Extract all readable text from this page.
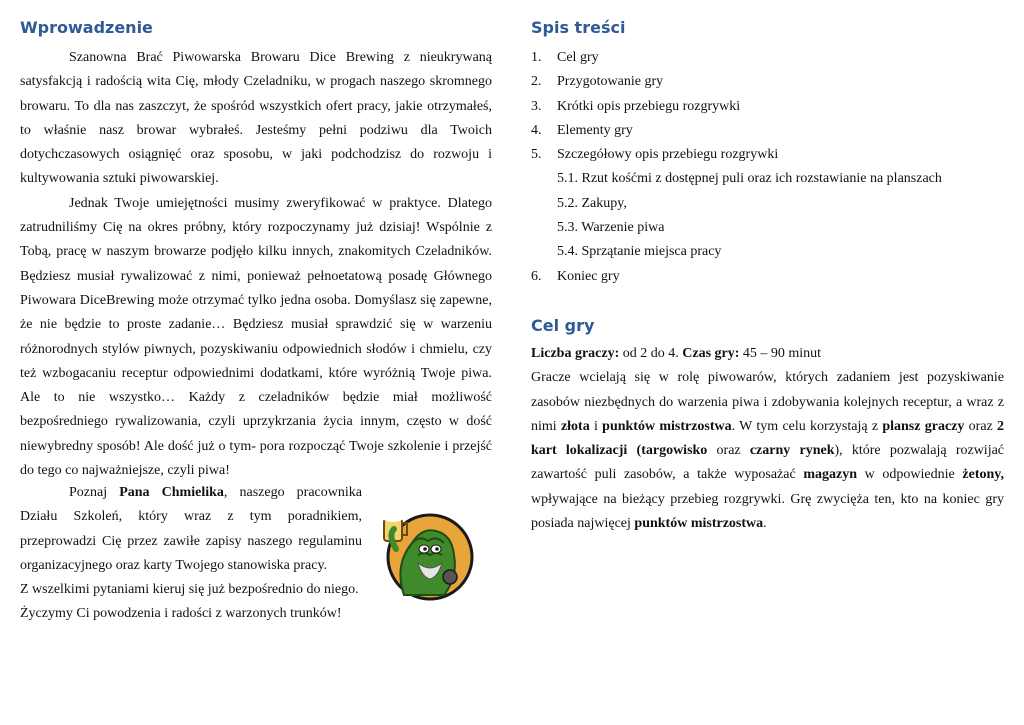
Wprowadzenie

Szanowna Brać Piwowarska Browaru Dice Brewing z nieukrywaną satysfakcją i radością wita Cię, młody Czeladniku, w progach naszego skromnego browaru. To dla nas zaszczyt, że spośród wszystkich ofert pracy, jakie otrzymałeś, to właśnie nasz browar wybrałeś. Jesteśmy pełni podziwu dla Twoich dotychczasowych osiągnięć oraz sposobu, w jaki podchodzisz do rozwoju i kultywowania sztuki piwowarskiej.

Jednak Twoje umiejętności musimy zweryfikować w praktyce. Dlatego zatrudniliśmy Cię na okres próbny, który rozpoczynamy już dzisiaj! Wspólnie z Tobą, pracę w naszym browarze podjęło kilku innych, znakomitych Czeladników. Będziesz musiał rywalizować z nimi, ponieważ pełnoetatową posadę Głównego Piwowara DiceBrewing może otrzymać tylko jedna osoba. Domyślasz się zapewne, że nie będzie to proste zadanie… Będziesz musiał sprawdzić się w warzeniu różnorodnych stylów piwnych, pozyskiwaniu odpowiednich słodów i chmielu, czy też wzbogacaniu receptur odpowiednimi dodatkami, które wyróżnią Twoje piwa. Ale to nie wszystko… Każdy z czeladników będzie miał możliwość bezpośredniego rywalizowania, czyli uprzykrzania życia innym, często w dość niewybredny sposób! Ale dość już o tym- pora rozpocząć Twoje szkolenie i przejść do tego co najważniejsze, czyli piwa!

Poznaj Pana Chmielika, naszego pracownika Działu Szkoleń, który wraz z tym poradnikiem, przeprowadzi Cię przez zawiłe zapisy naszego regulaminu organizacyjnego oraz karty Twojego stanowiska pracy.

Z wszelkimi pytaniami kieruj się już bezpośrednio do niego.

Życzymy Ci powodzenia i radości z warzonych trunków!

Spis treści
1.	Cel gry
2.	Przygotowanie gry
3.	Krótki opis przebiegu rozgrywki
4.	Elementy gry
5.	Szczegółowy opis przebiegu rozgrywki
5.1. Rzut kośćmi z dostępnej puli oraz ich rozstawianie na planszach
5.2. Zakupy,
5.3. Warzenie piwa
5.4. Sprzątanie miejsca pracy
6.	Koniec gry
Cel gry

Liczba graczy: od 2 do 4. Czas gry: 45 – 90 minut

Gracze wcielają się w rolę piwowarów, których zadaniem jest pozyskiwanie zasobów niezbędnych do warzenia piwa i zdobywania kolejnych receptur, a wraz z nimi złota i punktów mistrzostwa. W tym celu korzystają z plansz graczy oraz 2 kart lokalizacji (targowisko oraz czarny rynek), które pozwalają rozwijać zawartość puli zasobów, a także wyposażać magazyn w odpowiednie żetony, wpływające na bieżący przebieg rozgrywki. Grę zwycięża ten, kto na koniec gry posiada najwięcej punktów mistrzostwa.
